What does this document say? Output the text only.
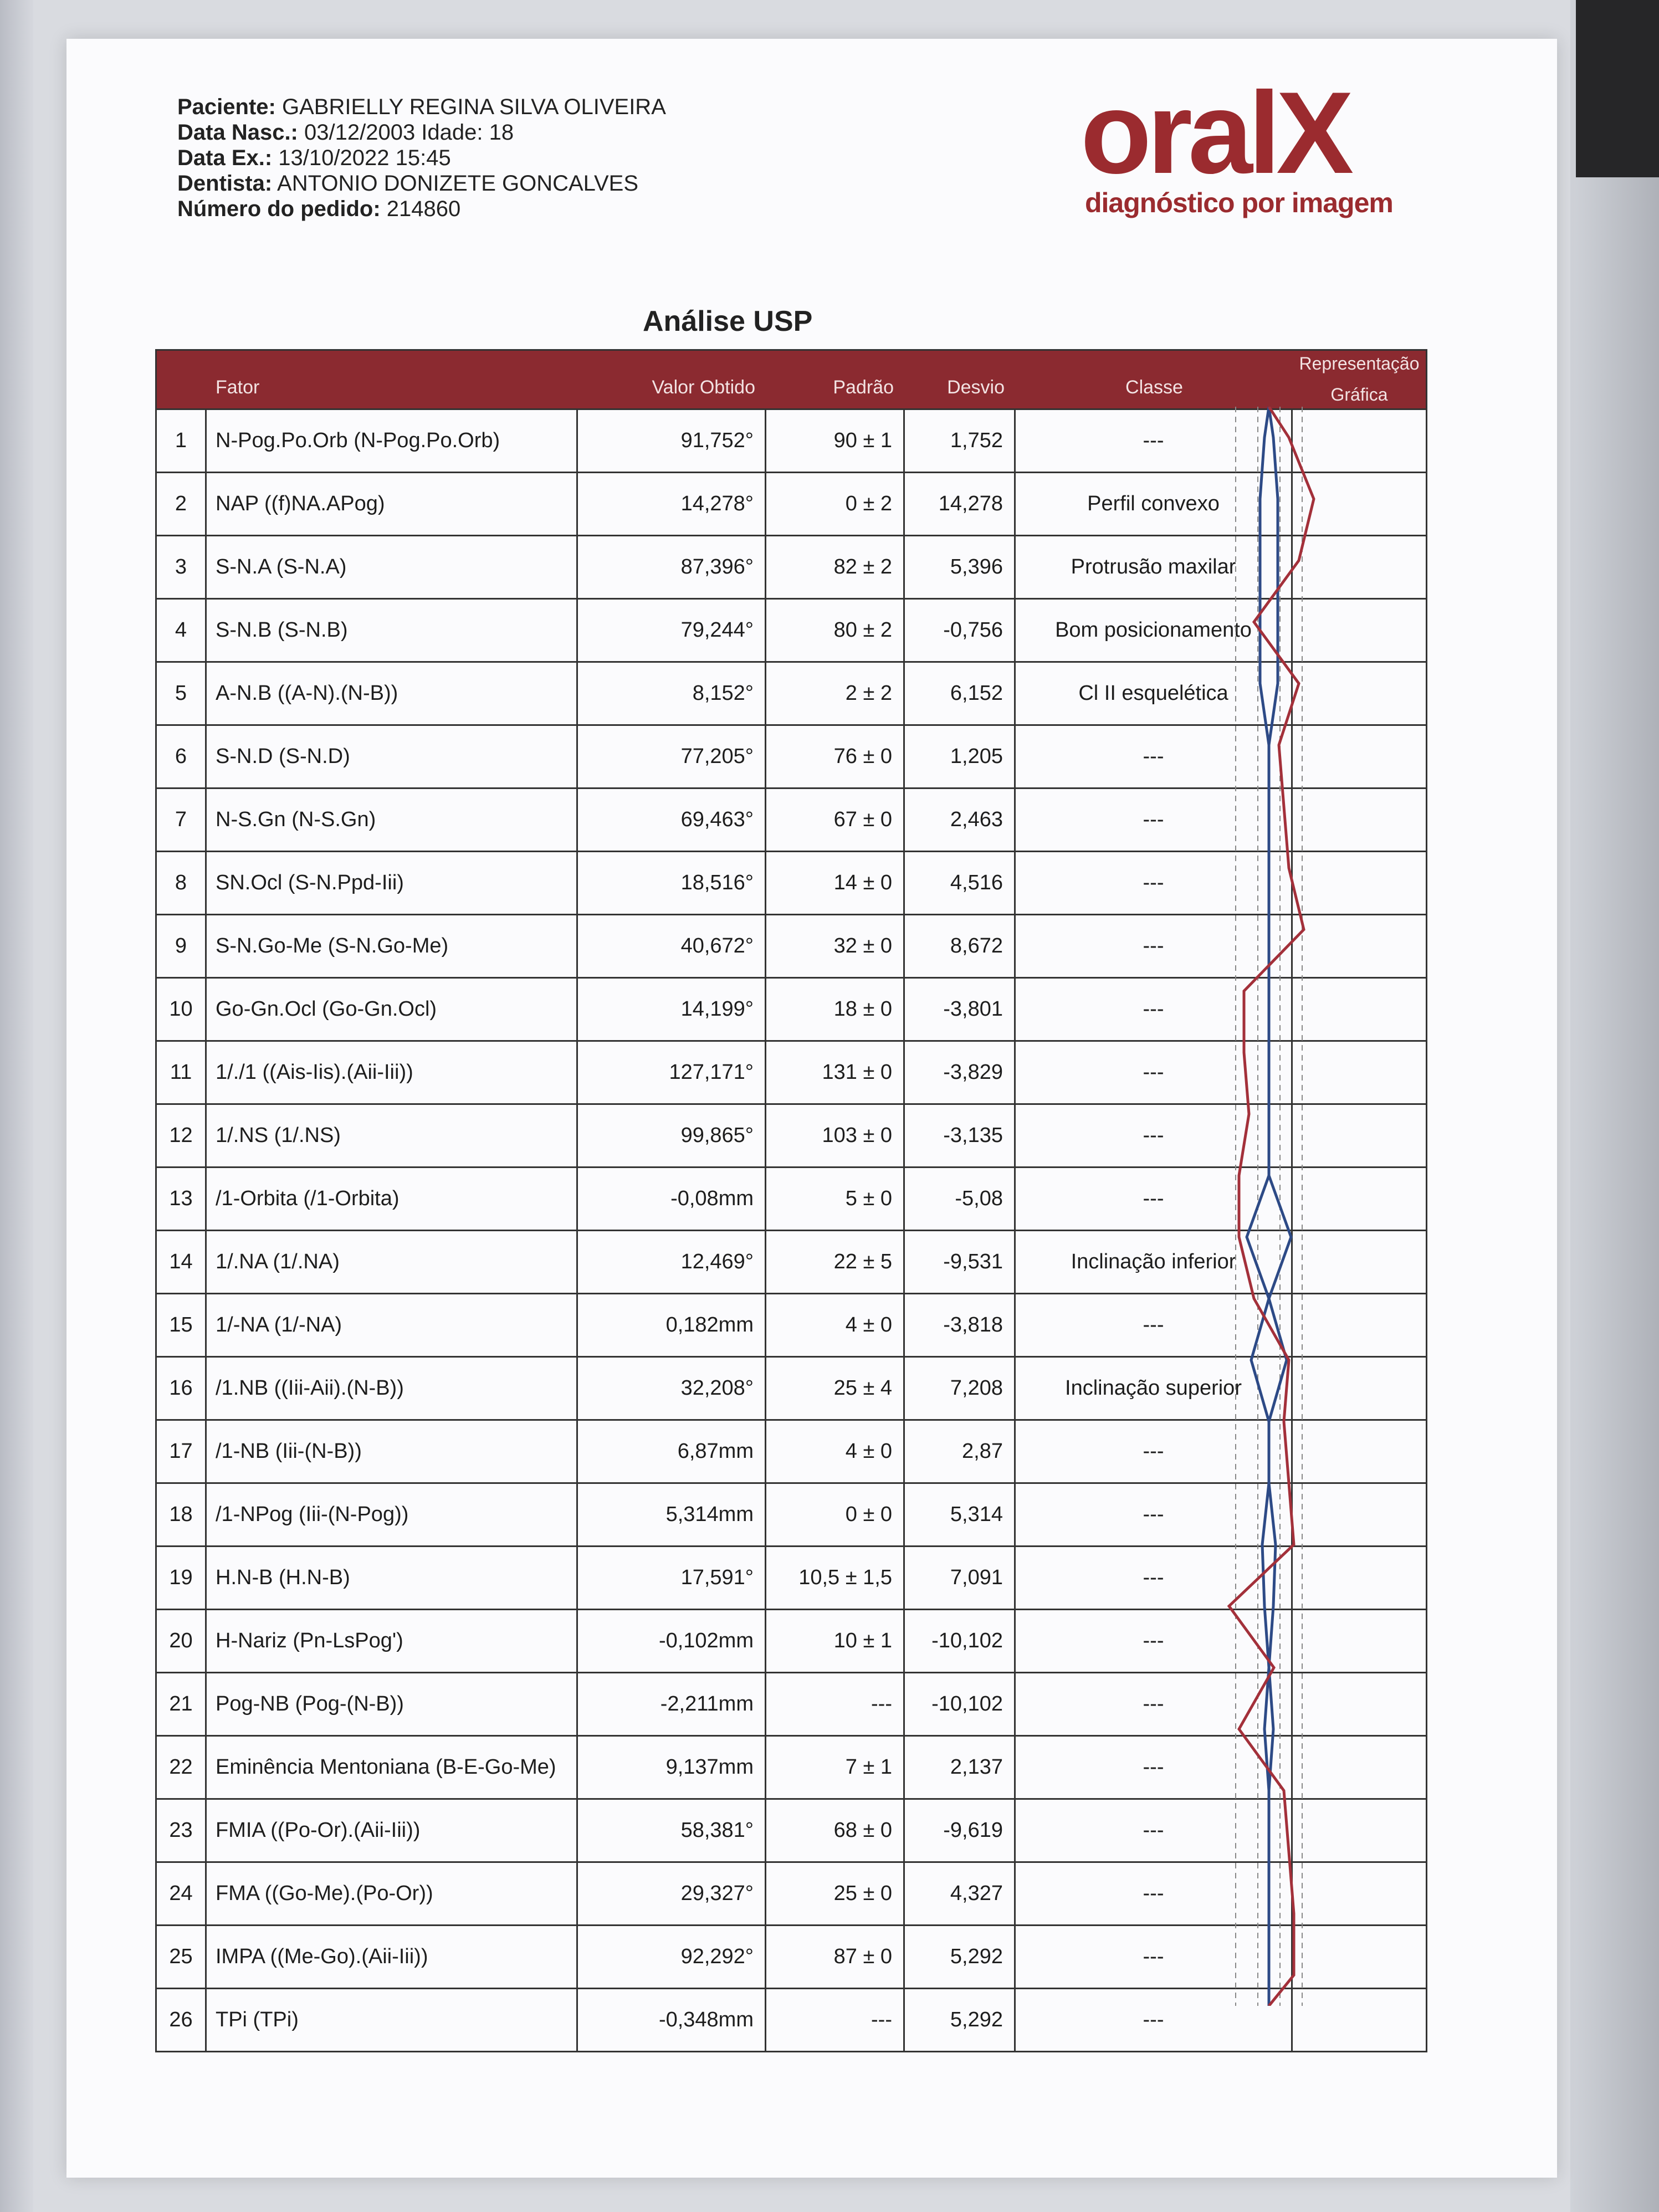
Paciente: GABRIELLY REGINA SILVA OLIVEIRA
Data Nasc.: 03/12/2003 Idade: 18
Data Ex.: 13/10/2022 15:45
Dentista: ANTONIO DONIZETE GONCALVES
Número do pedido: 214860
oralX
diagnóstico por imagem
Análise USP
Fator	Valor Obtido	Padrão	Desvio	Classe
Representação
Gráfica
1	N-Pog.Po.Orb (N-Pog.Po.Orb)	91,752°	90 ± 1	1,752	---
2	NAP ((f)NA.APog)	14,278°	0 ± 2	14,278	Perfil convexo
3	S-N.A (S-N.A)	87,396°	82 ± 2	5,396	Protrusão maxilar
4	S-N.B (S-N.B)	79,244°	80 ± 2	-0,756	Bom posicionamento
5	A-N.B ((A-N).(N-B))	8,152°	2 ± 2	6,152	Cl II esquelética
6	S-N.D (S-N.D)	77,205°	76 ± 0	1,205	---
7	N-S.Gn (N-S.Gn)	69,463°	67 ± 0	2,463	---
8	SN.Ocl (S-N.Ppd-Iii)	18,516°	14 ± 0	4,516	---
9	S-N.Go-Me (S-N.Go-Me)	40,672°	32 ± 0	8,672	---
10	Go-Gn.Ocl (Go-Gn.Ocl)	14,199°	18 ± 0	-3,801	---
11	1/./1 ((Ais-Iis).(Aii-Iii))	127,171°	131 ± 0	-3,829	---
12	1/.NS (1/.NS)	99,865°	103 ± 0	-3,135	---
13	/1-Orbita (/1-Orbita)	-0,08mm	5 ± 0	-5,08	---
14	1/.NA (1/.NA)	12,469°	22 ± 5	-9,531	Inclinação inferior
15	1/-NA (1/-NA)	0,182mm	4 ± 0	-3,818	---
16	/1.NB ((Iii-Aii).(N-B))	32,208°	25 ± 4	7,208	Inclinação superior
17	/1-NB (Iii-(N-B))	6,87mm	4 ± 0	2,87	---
18	/1-NPog (Iii-(N-Pog))	5,314mm	0 ± 0	5,314	---
19	H.N-B (H.N-B)	17,591°	10,5 ± 1,5	7,091	---
20	H-Nariz (Pn-LsPog')	-0,102mm	10 ± 1	-10,102	---
21	Pog-NB (Pog-(N-B))	-2,211mm	---	-10,102	---
22	Eminência Mentoniana (B-E-Go-Me)	9,137mm	7 ± 1	2,137	---
23	FMIA ((Po-Or).(Aii-Iii))	58,381°	68 ± 0	-9,619	---
24	FMA ((Go-Me).(Po-Or))	29,327°	25 ± 0	4,327	---
25	IMPA ((Me-Go).(Aii-Iii))	92,292°	87 ± 0	5,292	---
26	TPi (TPi)	-0,348mm	---	5,292	---
